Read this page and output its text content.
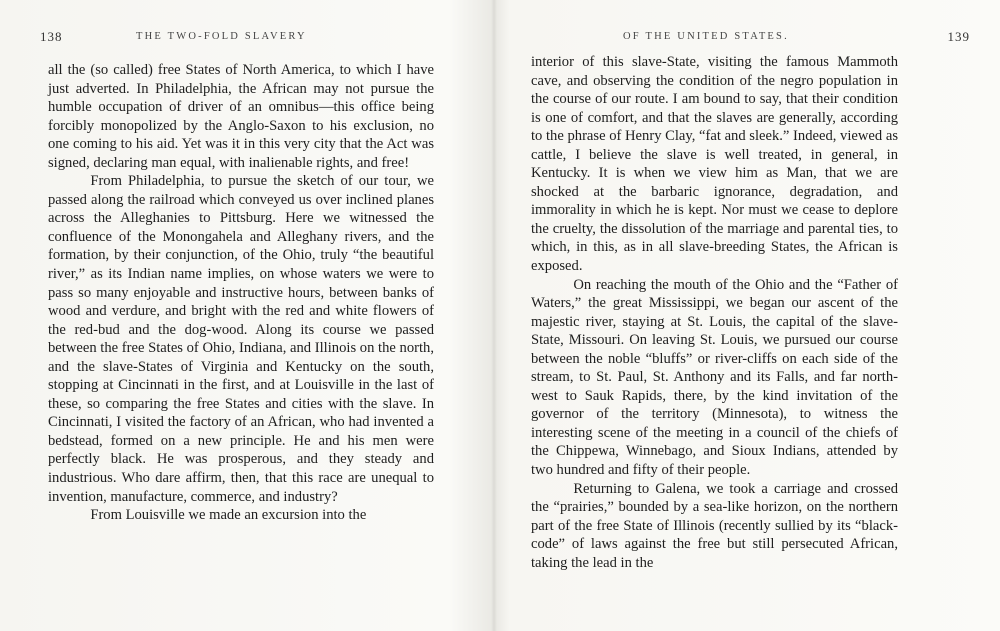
138	THE TWO-FOLD SLAVERY

all the (so called) free States of North America, to which I have just adverted. In Philadelphia, the African may not pursue the humble occupation of driver of an omnibus—this office being forcibly monopolized by the Anglo-Saxon to his exclusion, no one coming to his aid. Yet was it in this very city that the Act was signed, declaring man equal, with inalienable rights, and free!

From Philadelphia, to pursue the sketch of our tour, we passed along the railroad which conveyed us over inclined planes across the Alleghanies to Pittsburg. Here we witnessed the confluence of the Monongahela and Alleghany rivers, and the formation, by their conjunction, of the Ohio, truly “the beautiful river,” as its Indian name implies, on whose waters we were to pass so many enjoyable and instructive hours, between banks of wood and verdure, and bright with the red and white flowers of the red-bud and the dog-wood. Along its course we passed between the free States of Ohio, Indiana, and Illinois on the north, and the slave-States of Virginia and Kentucky on the south, stopping at Cincinnati in the first, and at Louisville in the last of these, so comparing the free States and cities with the slave. In Cincinnati, I visited the factory of an African, who had invented a bedstead, formed on a new principle. He and his men were perfectly black. He was prosperous, and they steady and industrious. Who dare affirm, then, that this race are unequal to invention, manufacture, commerce, and industry?

From Louisville we made an excursion into the

OF THE UNITED STATES.	139

interior of this slave-State, visiting the famous Mammoth cave, and observing the condition of the negro population in the course of our route. I am bound to say, that their condition is one of comfort, and that the slaves are generally, according to the phrase of Henry Clay, “fat and sleek.” Indeed, viewed as cattle, I believe the slave is well treated, in general, in Kentucky. It is when we view him as Man, that we are shocked at the barbaric ignorance, degradation, and immorality in which he is kept. Nor must we cease to deplore the cruelty, the dissolution of the marriage and parental ties, to which, in this, as in all slave-breeding States, the African is exposed.

On reaching the mouth of the Ohio and the “Father of Waters,” the great Mississippi, we began our ascent of the majestic river, staying at St. Louis, the capital of the slave-State, Missouri. On leaving St. Louis, we pursued our course between the noble “bluffs” or river-cliffs on each side of the stream, to St. Paul, St. Anthony and its Falls, and far north-west to Sauk Rapids, there, by the kind invitation of the governor of the territory (Minnesota), to witness the interesting scene of the meeting in a council of the chiefs of the Chippewa, Winnebago, and Sioux Indians, attended by two hundred and fifty of their people.

Returning to Galena, we took a carriage and crossed the “prairies,” bounded by a sea-like horizon, on the northern part of the free State of Illinois (recently sullied by its “black-code” of laws against the free but still persecuted African, taking the lead in the
